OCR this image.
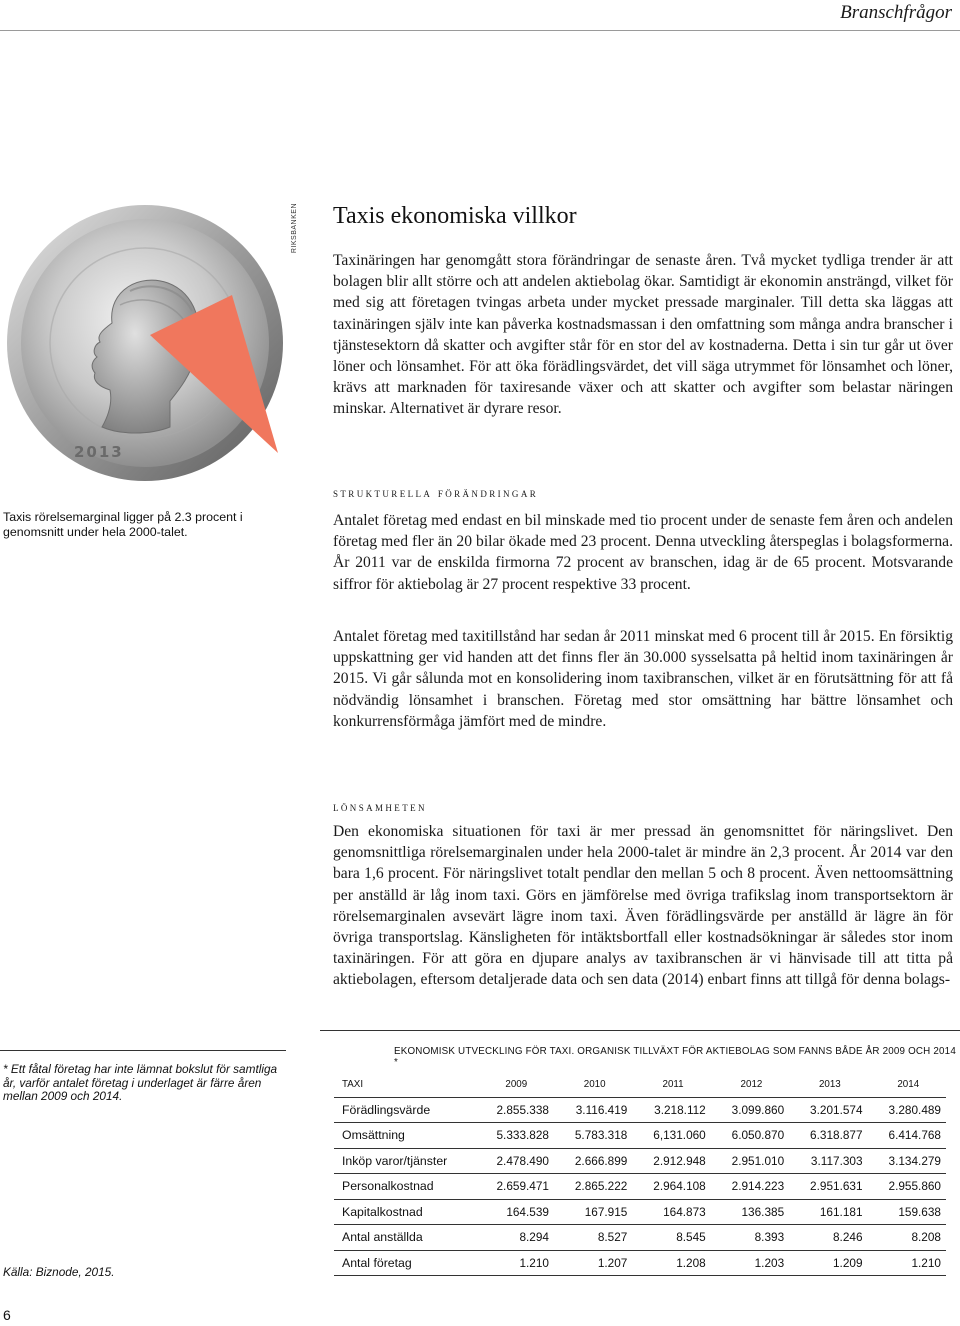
Branschfrågor
2013
RIKSBANKEN Taxis ekonomiska villkor

Taxinäringen har genomgått stora förändringar de senaste åren. Två mycket tydliga trender är att bolagen blir allt större och att andelen aktiebolag ökar. Samtidigt är ekonomin ansträngd, vilket för med sig att företagen tvingas arbeta under mycket pressade marginaler. Till detta ska läggas att taxinäringen själv inte kan påverka kostnadsmassan i den omfattning som många andra branscher i tjänstesektorn då skatter och avgifter står för en stor del av kostnaderna. Detta i sin tur går ut över löner och lönsamhet. För att öka förädlingsvärdet, det vill säga utrymmet för lönsamhet och löner, krävs att marknaden för taxiresande växer och att skatter och avgifter som belastar näringen minskar. Alternativet är dyrare resor.

strukturella förändringar

Antalet företag med endast en bil minskade med tio procent under de senaste fem åren och andelen företag med fler än 20 bilar ökade med 23 procent. Denna utveckling återspeglas i bolagsformerna. År 2011 var de enskilda firmorna 72 procent av branschen, idag är de 65 procent. Motsvarande siffror för aktiebolag är 27 procent respektive 33 procent.

Antalet företag med taxitillstånd har sedan år 2011 minskat med 6 procent till år 2015. En försiktig uppskattning ger vid handen att det finns fler än 30.000 sysselsatta på heltid inom taxinäringen år 2015. Vi går sålunda mot en konsolidering inom taxibranschen, vilket är en förutsättning för att få nödvändig lönsamhet i branschen. Företag med stor omsättning har bättre lönsamhet och konkurrensförmåga jämfört med de mindre.

lönsamheten

Den ekonomiska situationen för taxi är mer pressad än genomsnittet för näringslivet. Den genomsnittliga rörelsemarginalen under hela 2000-talet är mindre än 2,3 procent. År 2014 var den bara 1,6 procent. För näringslivet totalt pendlar den mellan 5 och 8 procent. Även nettoomsättning per anställd är låg inom taxi. Görs en jämförelse med övriga trafikslag inom transportsektorn är rörelsemarginalen avsevärt lägre inom taxi. Även förädlingsvärde per anställd är lägre än för övriga transportslag. Känsligheten för intäktsbortfall eller kostnadsökningar är således stor inom taxinäringen. För att göra en djupare analys av taxibranschen är vi hänvisade till att titta på aktiebolagen, eftersom detaljerade data och sen data (2014) enbart finns att tillgå för denna bolags-

Taxis rörelsemarginal ligger på 2.3 procent i genomsnitt under hela 2000-talet.

* Ett fåtal företag har inte lämnat bokslut för samtliga år, varför antalet företag i underlaget är färre åren mellan 2009 och 2014.

Källa: Biznode, 2015.

6

EKONOMISK UTVECKLING FÖR TAXI. ORGANISK TILLVÄXT FÖR AKTIEBOLAG SOM FANNS BÅDE ÅR 2009 OCH 2014 *

TAXI	2009	2010	2011	2012	2013	2014
Förädlingsvärde	2.855.338	3.116.419	3.218.112	3.099.860	3.201.574	3.280.489
Omsättning	5.333.828	5.783.318	6,131.060	6.050.870	6.318.877	6.414.768
Inköp varor/tjänster	2.478.490	2.666.899	2.912.948	2.951.010	3.117.303	3.134.279
Personalkostnad	2.659.471	2.865.222	2.964.108	2.914.223	2.951.631	2.955.860
Kapitalkostnad	164.539	167.915	164.873	136.385	161.181	159.638
Antal anställda	8.294	8.527	8.545	8.393	8.246	8.208
Antal företag	1.210	1.207	1.208	1.203	1.209	1.210
